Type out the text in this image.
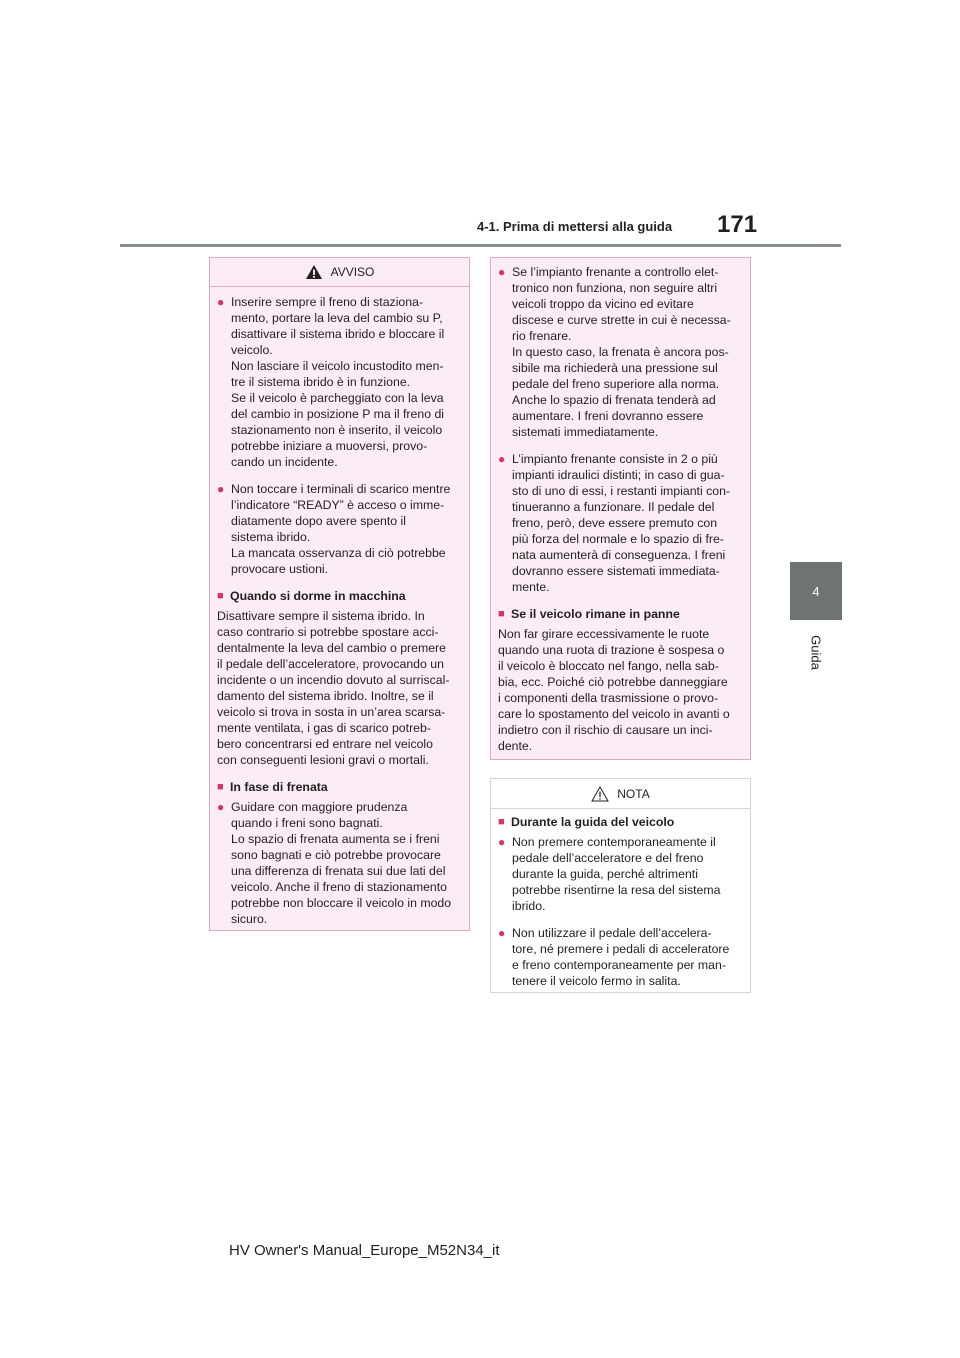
4-1. Prima di mettersi alla guida 171
4
Guida
AVVISO
● Inserire sempre il freno di staziona-
mento, portare la leva del cambio su P,
disattivare il sistema ibrido e bloccare il
veicolo.
Non lasciare il veicolo incustodito men-
tre il sistema ibrido è in funzione.
Se il veicolo è parcheggiato con la leva
del cambio in posizione P ma il freno di
stazionamento non è inserito, il veicolo
potrebbe iniziare a muoversi, provo-
cando un incidente.
● Non toccare i terminali di scarico mentre
l’indicatore “READY” è acceso o imme-
diatamente dopo avere spento il
sistema ibrido.
La mancata osservanza di ciò potrebbe
provocare ustioni.
■ Quando si dorme in macchina
Disattivare sempre il sistema ibrido. In
caso contrario si potrebbe spostare acci-
dentalmente la leva del cambio o premere
il pedale dell’acceleratore, provocando un
incidente o un incendio dovuto al surriscal-
damento del sistema ibrido. Inoltre, se il
veicolo si trova in sosta in un’area scarsa-
mente ventilata, i gas di scarico potreb-
bero concentrarsi ed entrare nel veicolo
con conseguenti lesioni gravi o mortali.
■ In fase di frenata
● Guidare con maggiore prudenza
quando i freni sono bagnati.
Lo spazio di frenata aumenta se i freni
sono bagnati e ciò potrebbe provocare
una differenza di frenata sui due lati del
veicolo. Anche il freno di stazionamento
potrebbe non bloccare il veicolo in modo
sicuro.
● Se l’impianto frenante a controllo elet-
tronico non funziona, non seguire altri
veicoli troppo da vicino ed evitare
discese e curve strette in cui è necessa-
rio frenare.
In questo caso, la frenata è ancora pos-
sibile ma richiederà una pressione sul
pedale del freno superiore alla norma.
Anche lo spazio di frenata tenderà ad
aumentare. I freni dovranno essere
sistemati immediatamente.
● L’impianto frenante consiste in 2 o più
impianti idraulici distinti; in caso di gua-
sto di uno di essi, i restanti impianti con-
tinueranno a funzionare. Il pedale del
freno, però, deve essere premuto con
più forza del normale e lo spazio di fre-
nata aumenterà di conseguenza. I freni
dovranno essere sistemati immediata-
mente.
■ Se il veicolo rimane in panne
Non far girare eccessivamente le ruote
quando una ruota di trazione è sospesa o
il veicolo è bloccato nel fango, nella sab-
bia, ecc. Poiché ciò potrebbe danneggiare
i componenti della trasmissione o provo-
care lo spostamento del veicolo in avanti o
indietro con il rischio di causare un inci-
dente.
NOTA
■ Durante la guida del veicolo
● Non premere contemporaneamente il
pedale dell’acceleratore e del freno
durante la guida, perché altrimenti
potrebbe risentirne la resa del sistema
ibrido.
● Non utilizzare il pedale dell’accelera-
tore, né premere i pedali di acceleratore
e freno contemporaneamente per man-
tenere il veicolo fermo in salita.
HV Owner's Manual_Europe_M52N34_it
